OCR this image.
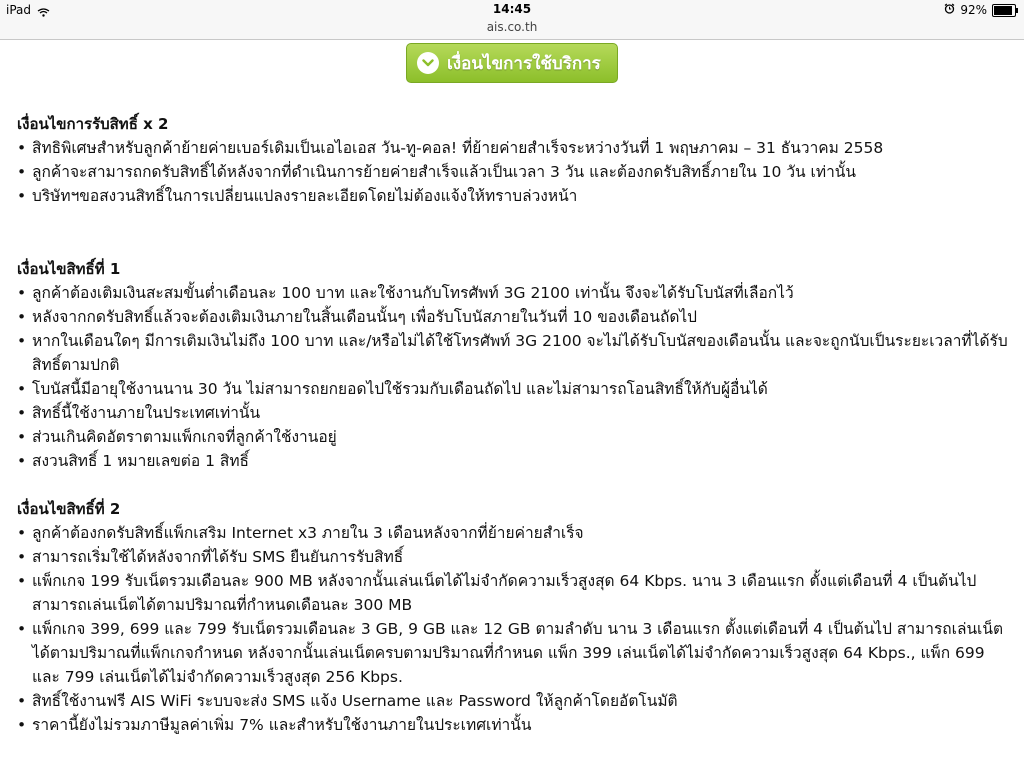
iPad	14:45
ais.co.th
92%
เงื่อนไขการใช้บริการ
เงื่อนไขการรับสิทธิ์ x 2
• สิทธิพิเศษสำหรับลูกค้าย้ายค่ายเบอร์เดิมเป็นเอไอเอส วัน-ทู-คอล! ที่ย้ายค่ายสำเร็จระหว่างวันที่ 1 พฤษภาคม – 31 ธันวาคม 2558
• ลูกค้าจะสามารถกดรับสิทธิ์ได้หลังจากที่ดำเนินการย้ายค่ายสำเร็จแล้วเป็นเวลา 3 วัน และต้องกดรับสิทธิ์ภายใน 10 วัน เท่านั้น
• บริษัทฯขอสงวนสิทธิ์ในการเปลี่ยนแปลงรายละเอียดโดยไม่ต้องแจ้งให้ทราบล่วงหน้า
เงื่อนไขสิทธิ์ที่ 1
• ลูกค้าต้องเติมเงินสะสมขั้นต่ำเดือนละ 100 บาท และใช้งานกับโทรศัพท์ 3G 2100 เท่านั้น จึงจะได้รับโบนัสที่เลือกไว้
• หลังจากกดรับสิทธิ์แล้วจะต้องเติมเงินภายในสิ้นเดือนนั้นๆ เพื่อรับโบนัสภายในวันที่ 10 ของเดือนถัดไป
• หากในเดือนใดๆ มีการเติมเงินไม่ถึง 100 บาท และ/หรือไม่ได้ใช้โทรศัพท์ 3G 2100 จะไม่ได้รับโบนัสของเดือนนั้น และจะถูกนับเป็นระยะเวลาที่ได้รับสิทธิ์ตามปกติ
• โบนัสนี้มีอายุใช้งานนาน 30 วัน ไม่สามารถยกยอดไปใช้รวมกับเดือนถัดไป และไม่สามารถโอนสิทธิ์ให้กับผู้อื่นได้
• สิทธิ์นี้ใช้งานภายในประเทศเท่านั้น
• ส่วนเกินคิดอัตราตามแพ็กเกจที่ลูกค้าใช้งานอยู่
• สงวนสิทธิ์ 1 หมายเลขต่อ 1 สิทธิ์
เงื่อนไขสิทธิ์ที่ 2
• ลูกค้าต้องกดรับสิทธิ์แพ็กเสริม Internet x3 ภายใน 3 เดือนหลังจากที่ย้ายค่ายสำเร็จ
• สามารถเริ่มใช้ได้หลังจากที่ได้รับ SMS ยืนยันการรับสิทธิ์
• แพ็กเกจ 199 รับเน็ตรวมเดือนละ 900 MB หลังจากนั้นเล่นเน็ตได้ไม่จำกัดความเร็วสูงสุด 64 Kbps. นาน 3 เดือนแรก ตั้งแต่เดือนที่ 4 เป็นต้นไป สามารถเล่นเน็ตได้ตามปริมาณที่กำหนดเดือนละ 300 MB
• แพ็กเกจ 399, 699 และ 799 รับเน็ตรวมเดือนละ 3 GB, 9 GB และ 12 GB ตามลำดับ นาน 3 เดือนแรก ตั้งแต่เดือนที่ 4 เป็นต้นไป สามารถเล่นเน็ตได้ตามปริมาณที่แพ็กเกจกำหนด หลังจากนั้นเล่นเน็ตครบตามปริมาณที่กำหนด แพ็ก 399 เล่นเน็ตได้ไม่จำกัดความเร็วสูงสุด 64 Kbps., แพ็ก 699 และ 799 เล่นเน็ตได้ไม่จำกัดความเร็วสูงสุด 256 Kbps.
• สิทธิ์ใช้งานฟรี AIS WiFi ระบบจะส่ง SMS แจ้ง Username และ Password ให้ลูกค้าโดยอัตโนมัติ
• ราคานี้ยังไม่รวมภาษีมูลค่าเพิ่ม 7% และสำหรับใช้งานภายในประเทศเท่านั้น
